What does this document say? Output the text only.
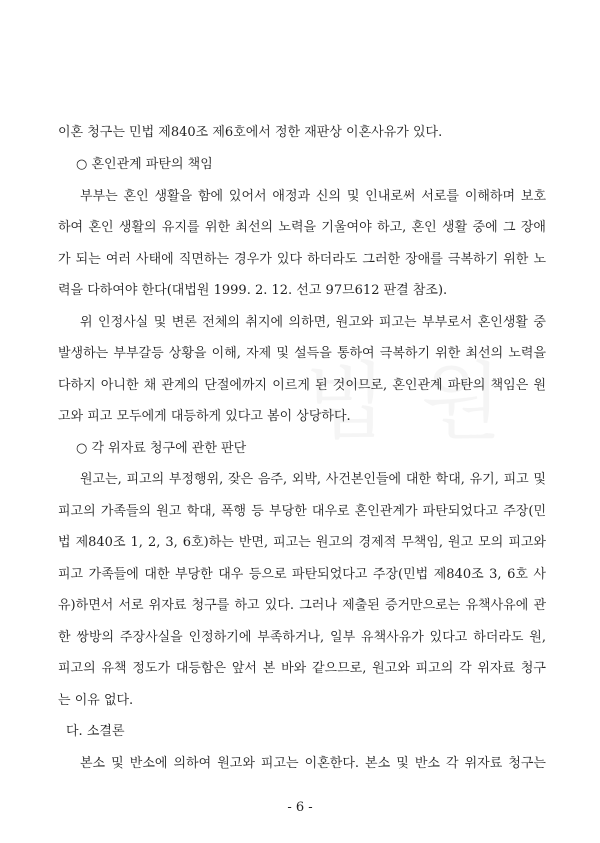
이혼 청구는 민법 제840조 제6호에서 정한 재판상 이혼사유가 있다.
○ 혼인관계 파탄의 책임
부부는 혼인 생활을 함에 있어서 애정과 신의 및 인내로써 서로를 이해하며 보호
하여 혼인 생활의 유지를 위한 최선의 노력을 기울여야 하고, 혼인 생활 중에 그 장애
가 되는 여러 사태에 직면하는 경우가 있다 하더라도 그러한 장애를 극복하기 위한 노
력을 다하여야 한다(대법원 1999. 2. 12. 선고 97므612 판결 참조).
위 인정사실 및 변론 전체의 취지에 의하면, 원고와 피고는 부부로서 혼인생활 중
발생하는 부부갈등 상황을 이해, 자제 및 설득을 통하여 극복하기 위한 최선의 노력을
다하지 아니한 채 관계의 단절에까지 이르게 된 것이므로, 혼인관계 파탄의 책임은 원
고와 피고 모두에게 대등하게 있다고 봄이 상당하다.
○ 각 위자료 청구에 관한 판단
원고는, 피고의 부정행위, 잦은 음주, 외박, 사건본인들에 대한 학대, 유기, 피고 및
피고의 가족들의 원고 학대, 폭행 등 부당한 대우로 혼인관계가 파탄되었다고 주장(민
법 제840조 1, 2, 3, 6호)하는 반면, 피고는 원고의 경제적 무책임, 원고 모의 피고와
피고 가족들에 대한 부당한 대우 등으로 파탄되었다고 주장(민법 제840조 3, 6호 사
유)하면서 서로 위자료 청구를 하고 있다. 그러나 제출된 증거만으로는 유책사유에 관
한 쌍방의 주장사실을 인정하기에 부족하거나, 일부 유책사유가 있다고 하더라도 원,
피고의 유책 정도가 대등함은 앞서 본 바와 같으므로, 원고와 피고의 각 위자료 청구
는 이유 없다.
다. 소결론
본소 및 반소에 의하여 원고와 피고는 이혼한다. 본소 및 반소 각 위자료 청구는
- 6 -
